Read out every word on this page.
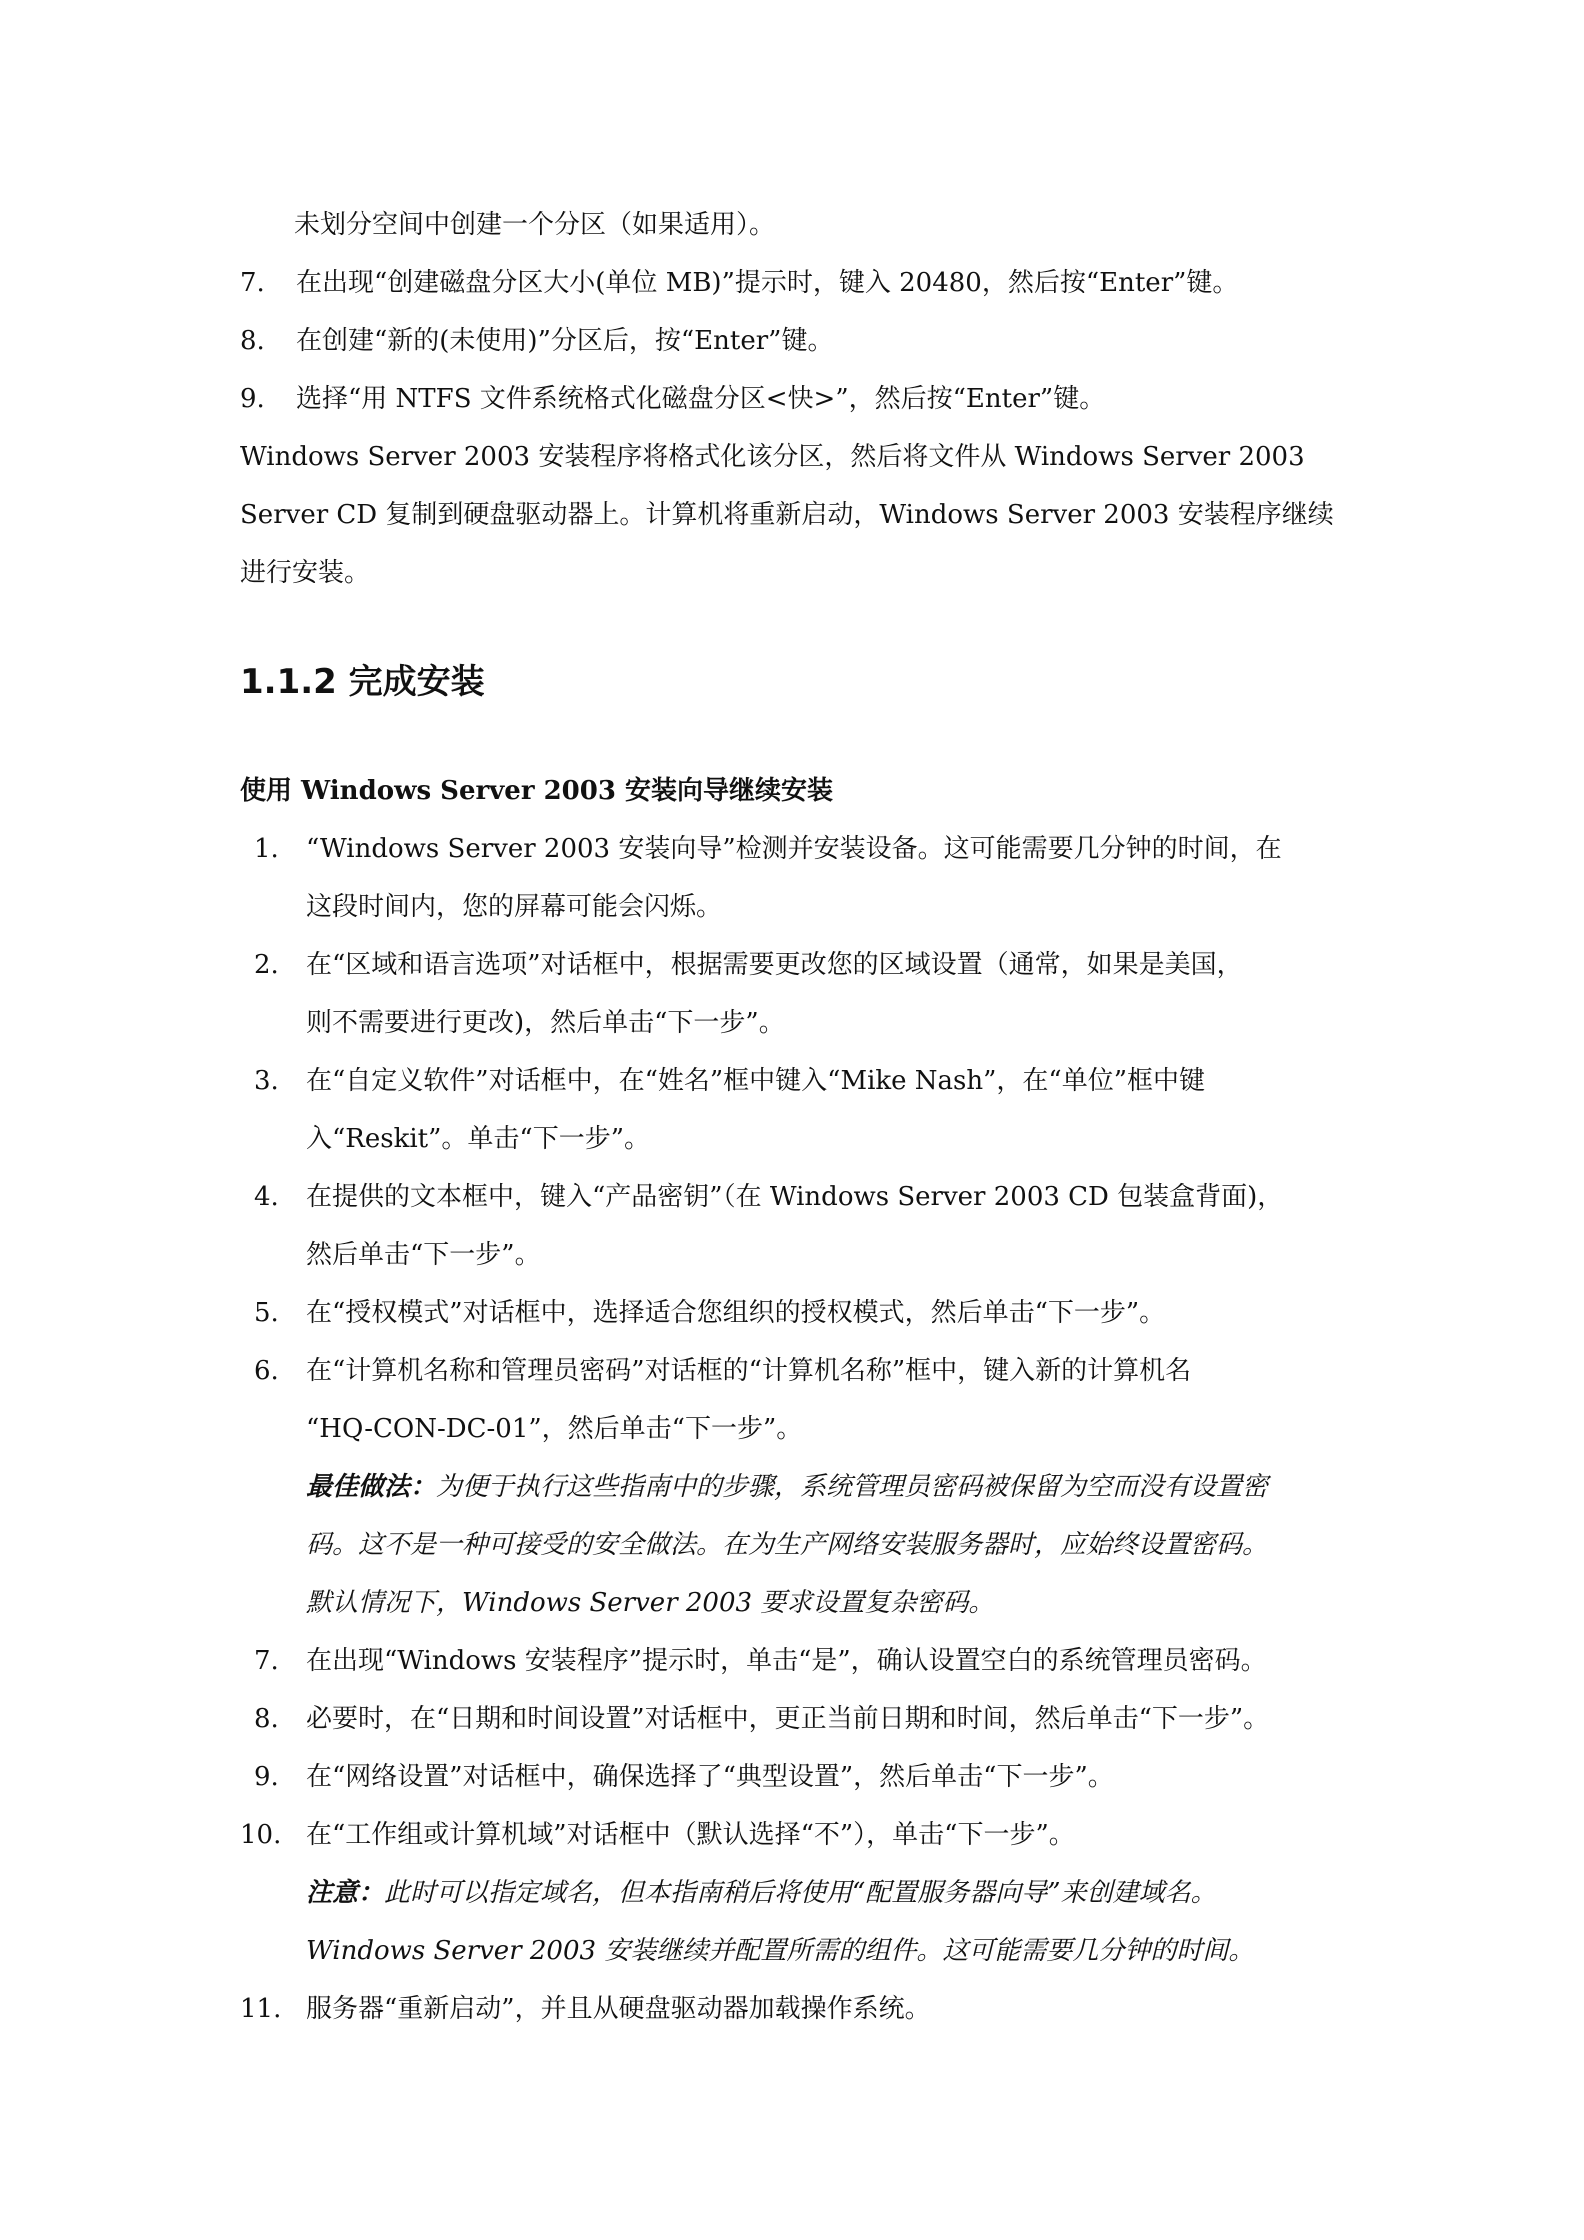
未划分空间中创建一个分区（如果适用）。
7.	在出现“创建磁盘分区大小(单位 MB)”提示时，键入 20480，然后按“Enter”键。
8.	在创建“新的(未使用)”分区后，按“Enter”键。
9.	选择“用 NTFS 文件系统格式化磁盘分区<快>”，然后按“Enter”键。
Windows Server 2003 安装程序将格式化该分区，然后将文件从 Windows Server 2003
Server CD 复制到硬盘驱动器上。计算机将重新启动，Windows Server 2003 安装程序继续
进行安装。
1.1.2 完成安装
使用 Windows Server 2003 安装向导继续安装
1.	“Windows Server 2003 安装向导”检测并安装设备。这可能需要几分钟的时间，在
这段时间内，您的屏幕可能会闪烁。
2.	在“区域和语言选项”对话框中，根据需要更改您的区域设置（通常，如果是美国，
则不需要进行更改)，然后单击“下一步”。
3.	在“自定义软件”对话框中，在“姓名”框中键入“Mike Nash”，在“单位”框中键
入“Reskit”。单击“下一步”。
4.	在提供的文本框中，键入“产品密钥”（在 Windows Server 2003 CD 包装盒背面)，
然后单击“下一步”。
5.	在“授权模式”对话框中，选择适合您组织的授权模式，然后单击“下一步”。
6.	在“计算机名称和管理员密码”对话框的“计算机名称”框中，键入新的计算机名
“HQ-CON-DC-01”，然后单击“下一步”。
最佳做法：为便于执行这些指南中的步骤，系统管理员密码被保留为空而没有设置密
码。这不是一种可接受的安全做法。在为生产网络安装服务器时，应始终设置密码。
默认情况下，Windows Server 2003 要求设置复杂密码。
7.	在出现“Windows 安装程序”提示时，单击“是”，确认设置空白的系统管理员密码。
8.	必要时，在“日期和时间设置”对话框中，更正当前日期和时间，然后单击“下一步”。
9.	在“网络设置”对话框中，确保选择了“典型设置”，然后单击“下一步”。
10. 在“工作组或计算机域”对话框中（默认选择“不”），单击“下一步”。
注意：此时可以指定域名，但本指南稍后将使用“配置服务器向导”来创建域名。
Windows Server 2003 安装继续并配置所需的组件。这可能需要几分钟的时间。
11. 服务器“重新启动”，并且从硬盘驱动器加载操作系统。
